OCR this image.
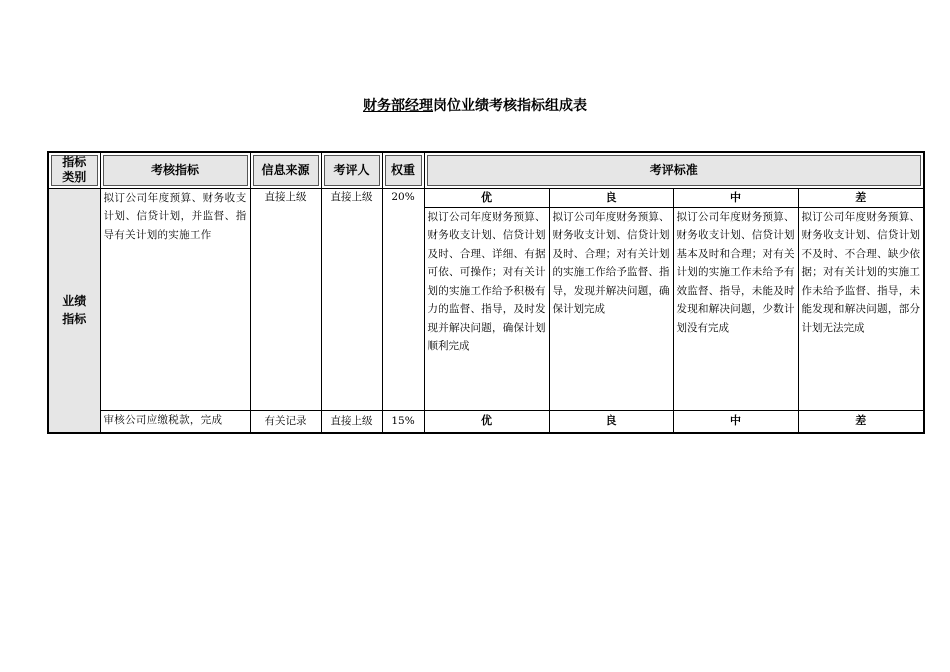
财务部经理岗位业绩考核指标组成表
指标类别	考核指标	信息来源	考评人	权重	考评标准			
业绩指标	拟订公司年度预算、财务收支计划、信贷计划，并监督、指导有关计划的实施工作	直接上级	直接上级	20%	优	良	中	差
					拟订公司年度财务预算、财务收支计划、信贷计划及时、合理、详细、有据可依、可操作；对有关计划的实施工作给予积极有力的监督、指导，及时发现并解决问题，确保计划顺利完成	拟订公司年度财务预算、财务收支计划、信贷计划及时、合理；对有关计划的实施工作给予监督、指导，发现并解决问题，确保计划完成	拟订公司年度财务预算、财务收支计划、信贷计划基本及时和合理；对有关计划的实施工作未给予有效监督、指导，未能及时发现和解决问题，少数计划没有完成	拟订公司年度财务预算、财务收支计划、信贷计划不及时、不合理、缺少依据；对有关计划的实施工作未给予监督、指导，未能发现和解决问题，部分计划无法完成

	审核公司应缴税款，完成	有关记录	直接上级	15%	优	良	中	差
